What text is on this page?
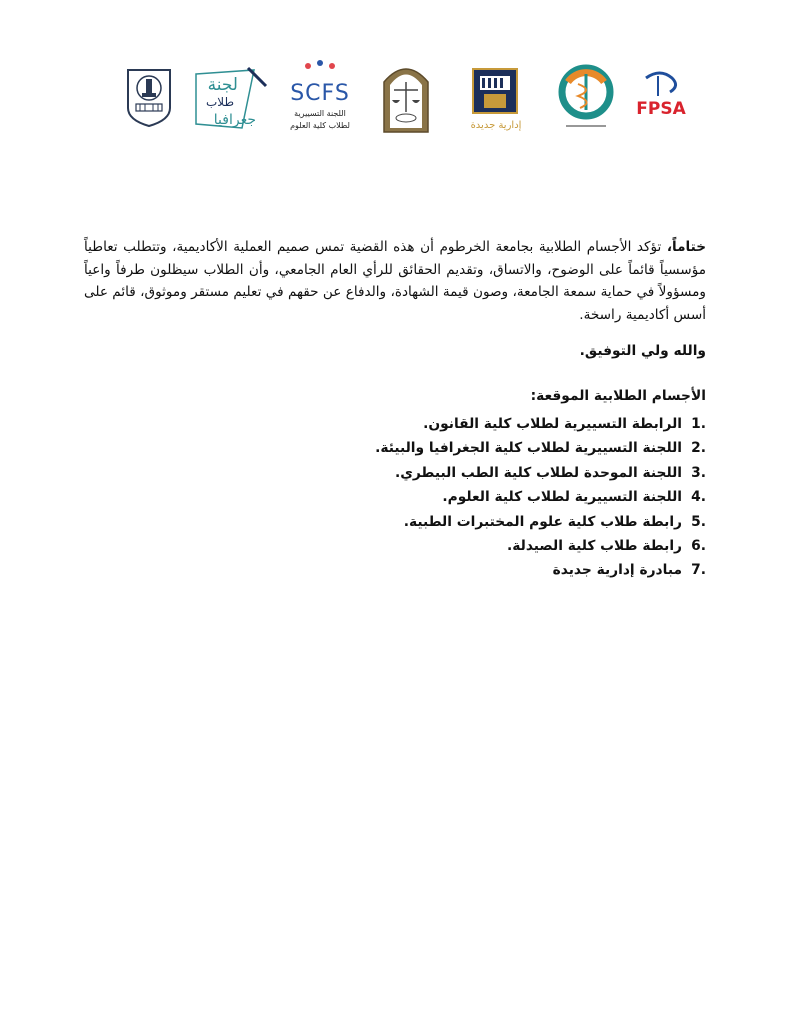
لجنة
طلاب
جغرافيا
SCFS
اللجنة التسييرية
لطلاب كلية العلوم	إدارية جديدة
FPSA

ختاماً، تؤكد الأجسام الطلابية بجامعة الخرطوم أن هذه القضية تمس صميم العملية الأكاديمية، وتتطلب تعاطياً مؤسسياً قائماً على الوضوح، والاتساق، وتقديم الحقائق للرأي العام الجامعي، وأن الطلاب سيظلون طرفاً واعياً ومسؤولاً في حماية سمعة الجامعة، وصون قيمة الشهادة، والدفاع عن حقهم في تعليم مستقر وموثوق، قائم على أسس أكاديمية راسخة.

والله ولي التوفيق.
الأجسام الطلابية الموقعة:
1.
الرابطة التسييرية لطلاب كلية القانون.
2.
اللجنة التسييرية لطلاب كلية الجغرافيا والبيئة.
3.
اللجنة الموحدة لطلاب كلية الطب البيطري.
4.
اللجنة التسييرية لطلاب كلية العلوم.
5.
رابطة طلاب كلية علوم المختبرات الطبية.
6.
رابطة طلاب كلية الصيدلة.
7.
مبادرة إدارية جديدة
